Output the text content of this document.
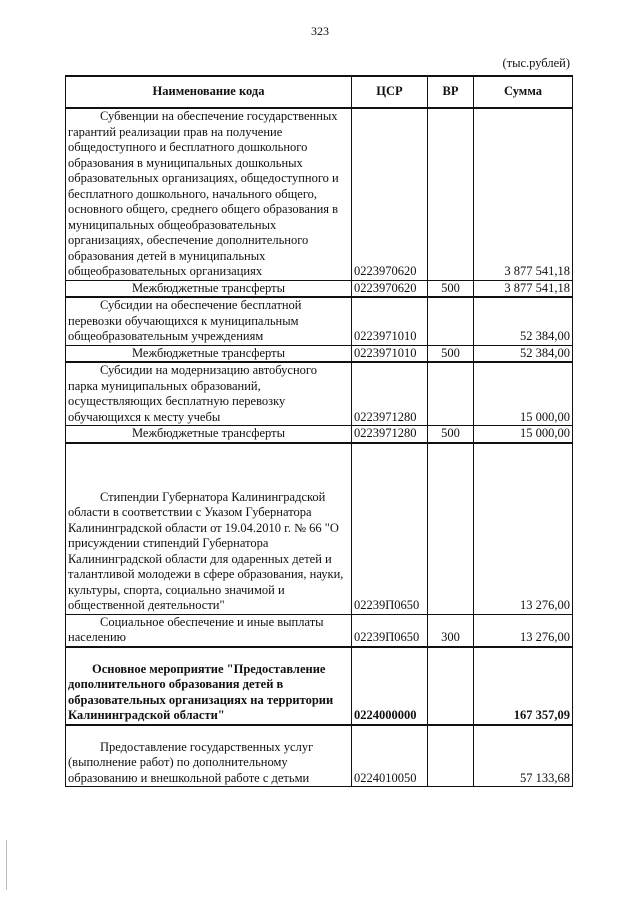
323
(тыс.рублей)
Наименование кода	ЦСР	ВР	Сумма
Субвенции на обеспечение государственных гарантий реализации прав на получение общедоступного и бесплатного дошкольного образования в муниципальных дошкольных образовательных организациях, общедоступного и бесплатного дошкольного, начального общего, основного общего, среднего общего образования в муниципальных общеобразовательных организациях, обеспечение дополнительного образования детей в муниципальных общеобразовательных организациях	0223970620		3 877 541,18
Межбюджетные трансферты	0223970620	500	3 877 541,18
Субсидии на обеспечение бесплатной перевозки обучающихся к муниципальным общеобразовательным учреждениям	0223971010		52 384,00
Межбюджетные трансферты	0223971010	500	52 384,00
Субсидии на модернизацию автобусного парка муниципальных образований, осуществляющих бесплатную перевозку обучающихся к месту учебы	0223971280		15 000,00
Межбюджетные трансферты	0223971280	500	15 000,00

Стипендии Губернатора Калининградской области в соответствии с Указом Губернатора Калининградской области от 19.04.2010 г. № 66 "О присуждении стипендий Губернатора Калининградской области для одаренных детей и талантливой молодежи в сфере образования, науки, культуры, спорта, социально значимой и общественной деятельности"	02239П0650		13 276,00
Социальное обеспечение и иные выплаты населению	02239П0650	300	13 276,00

Основное мероприятие "Предоставление дополнительного образования детей в образовательных организациях на территории Калининградской области"	0224000000		167 357,09

Предоставление государственных услуг (выполнение работ) по дополнительному образованию и внешкольной работе с детьми	0224010050		57 133,68
